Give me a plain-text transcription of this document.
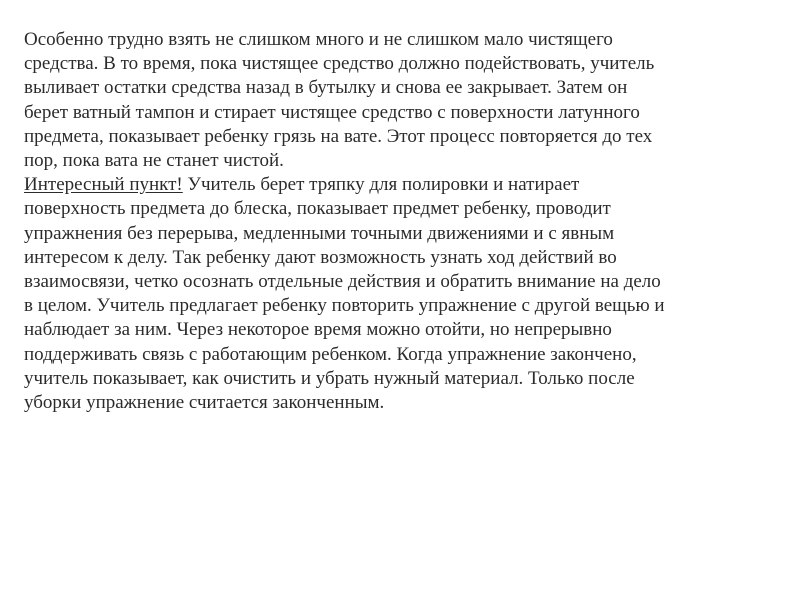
Особенно трудно взять не слишком много и не слишком мало чистящего
средства. В то время, пока чистящее средство должно подействовать, учитель
выливает остатки средства назад в бутылку и снова ее закрывает. Затем он
берет ватный тампон и стирает чистящее средство с поверхности латунного
предмета, показывает ребенку грязь на вате. Этот процесс повторяется до тех
пор, пока вата не станет чистой.
Интересный пункт! Учитель берет тряпку для полировки и натирает
поверхность предмета до блеска, показывает предмет ребенку, проводит
упражнения без перерыва, медленными точными движениями и с явным
интересом к делу. Так ребенку дают возможность узнать ход действий во
взаимосвязи, четко осознать отдельные действия и обратить внимание на дело
в целом. Учитель предлагает ребенку повторить упражнение с другой вещью и
наблюдает за ним. Через некоторое время можно отойти, но непрерывно
поддерживать связь с работающим ребенком. Когда упражнение закончено,
учитель показывает, как очистить и убрать нужный материал. Только после
уборки упражнение считается законченным.
